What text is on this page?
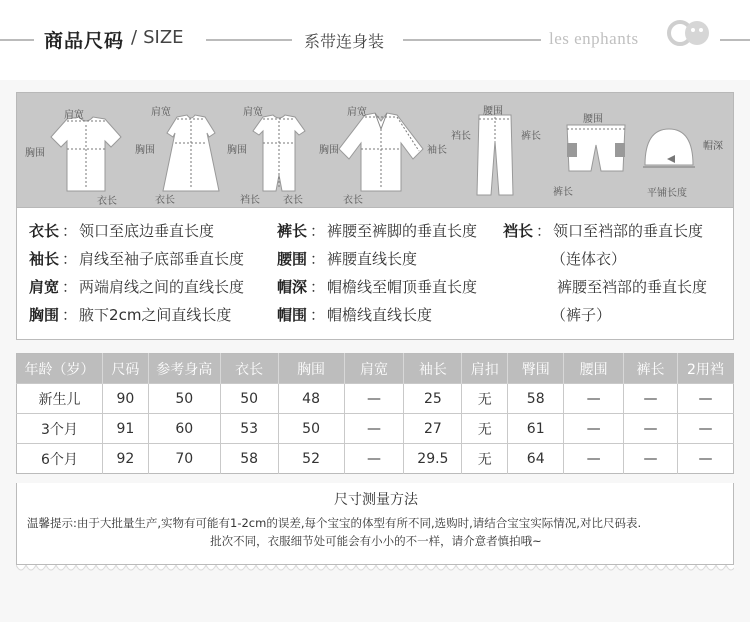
商品尺码 / SIZE	系带连身装	les enphants
肩宽
胸围
衣长
肩宽
胸围
衣长
肩宽
胸围
裆长 衣长
肩宽
胸围	袖长
衣长
腰围
裆长	裤长
腰围
裤长
帽深
平铺长度
衣长 ： 领口至底边垂直长度
袖长 ： 肩线至袖子底部垂直长度
肩宽 ： 两端肩线之间的直线长度
胸围 ： 腋下2cm之间直线长度
裤长 ： 裤腰至裤脚的垂直长度
腰围 ： 裤腰直线长度
帽深 ： 帽檐线至帽顶垂直长度
帽围 ： 帽檐线直线长度
裆长 ： 领口至裆部的垂直长度
（连体衣）
裤腰至裆部的垂直长度
（裤子）
年龄（岁）	尺码	参考身高	衣长	胸围	肩宽	袖长	肩扣	臀围	腰围	裤长	2用裆
新生儿	90	50	50	48	—	25	无	58	—	—	—
3个月	91	60	53	50	—	27	无	61	—	—	—
6个月	92	70	58	52	—	29.5	无	64	—	—	—
尺寸测量方法
温馨提示:由于大批量生产,实物有可能有1-2cm的误差,每个宝宝的体型有所不同,选购时,请结合宝宝实际情况,对比尺码表.
批次不同，衣服细节处可能会有小小的不一样，请介意者慎拍哦~
